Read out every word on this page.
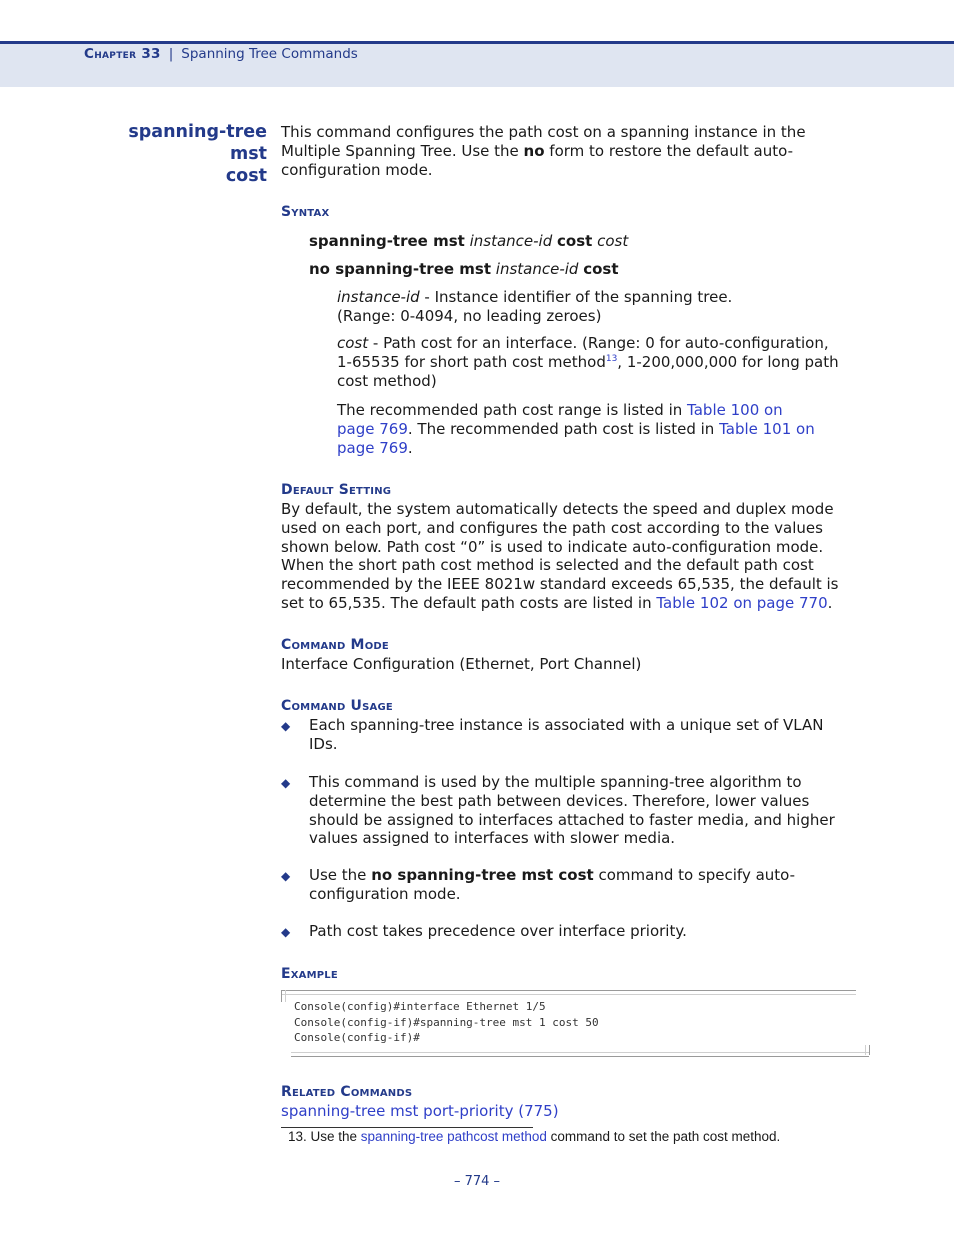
Chapter 33 | Spanning Tree Commands
spanning-tree mst
cost
This command configures the path cost on a spanning instance in the
Multiple Spanning Tree. Use the no form to restore the default auto-
configuration mode.
Syntax
spanning-tree mst instance-id cost cost
no spanning-tree mst instance-id cost
instance-id - Instance identifier of the spanning tree.
(Range: 0-4094, no leading zeroes)
cost - Path cost for an interface. (Range: 0 for auto-configuration,
1-65535 for short path cost method$^{13}$, 1-200,000,000 for long path
cost method)
The recommended path cost range is listed in Table 100 on
page 769. The recommended path cost is listed in Table 101 on
page 769.
Default Setting
By default, the system automatically detects the speed and duplex mode
used on each port, and configures the path cost according to the values
shown below. Path cost “0” is used to indicate auto-configuration mode.
When the short path cost method is selected and the default path cost
recommended by the IEEE 8021w standard exceeds 65,535, the default is
set to 65,535. The default path costs are listed in Table 102 on page 770.
Command Mode
Interface Configuration (Ethernet, Port Channel)
Command Usage
◆ Each spanning-tree instance is associated with a unique set of VLAN
IDs.
◆ This command is used by the multiple spanning-tree algorithm to
determine the best path between devices. Therefore, lower values
should be assigned to interfaces attached to faster media, and higher
values assigned to interfaces with slower media.
◆ Use the no spanning-tree mst cost command to specify auto-
configuration mode.
◆ Path cost takes precedence over interface priority.
Example
Console(config)#interface Ethernet 1/5
Console(config-if)#spanning-tree mst 1 cost 50
Console(config-if)#
Related Commands
spanning-tree mst port-priority (775)
13. Use the spanning-tree pathcost method command to set the path cost method.
– 774 –
